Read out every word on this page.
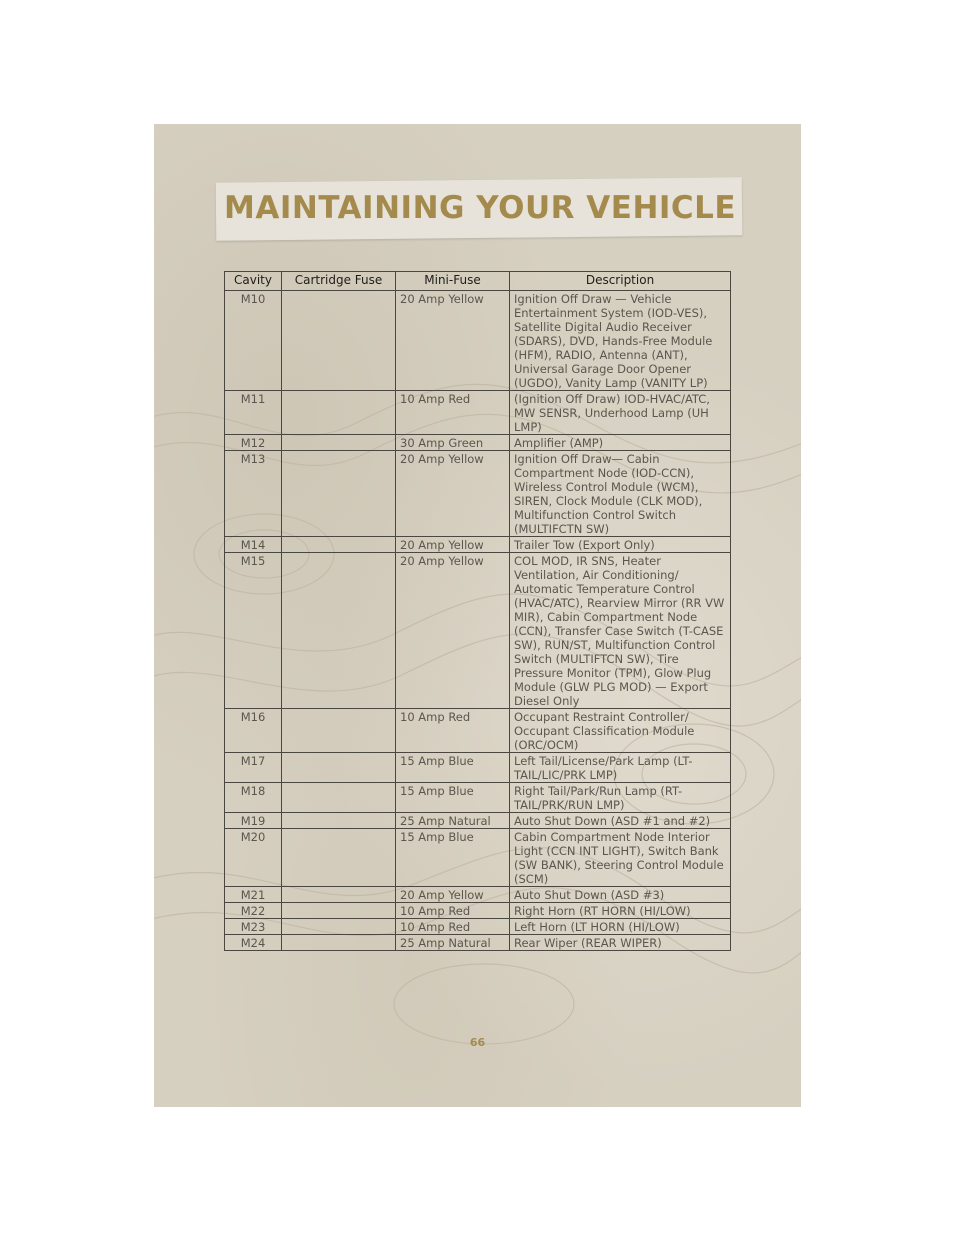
MAINTAINING YOUR VEHICLE
Cavity	Cartridge Fuse	Mini-Fuse	Description
M10		20 Amp Yellow	Ignition Off Draw — Vehicle Entertainment System (IOD-VES), Satellite Digital Audio Receiver (SDARS), DVD, Hands-Free Module (HFM), RADIO, Antenna (ANT), Universal Garage Door Opener (UGDO), Vanity Lamp (VANITY LP)
M11		10 Amp Red	(Ignition Off Draw) IOD-HVAC/ATC, MW SENSR, Underhood Lamp (UH LMP)
M12		30 Amp Green	Amplifier (AMP)
M13		20 Amp Yellow	Ignition Off Draw— Cabin Compartment Node (IOD-CCN), Wireless Control Module (WCM), SIREN, Clock Module (CLK MOD), Multifunction Control Switch (MULTIFCTN SW)
M14		20 Amp Yellow	Trailer Tow (Export Only)
M15		20 Amp Yellow	COL MOD, IR SNS, Heater Ventilation, Air Conditioning/ Automatic Temperature Control (HVAC/ATC), Rearview Mirror (RR VW MIR), Cabin Compartment Node (CCN), Transfer Case Switch (T-CASE SW), RUN/ST, Multifunction Control Switch (MULTIFTCN SW), Tire Pressure Monitor (TPM), Glow Plug Module (GLW PLG MOD) — Export Diesel Only
M16		10 Amp Red	Occupant Restraint Controller/ Occupant Classification Module (ORC/OCM)
M17		15 Amp Blue	Left Tail/License/Park Lamp (LT-TAIL/LIC/PRK LMP)
M18		15 Amp Blue	Right Tail/Park/Run Lamp (RT-TAIL/PRK/RUN LMP)
M19		25 Amp Natural	Auto Shut Down (ASD #1 and #2)
M20		15 Amp Blue	Cabin Compartment Node Interior Light (CCN INT LIGHT), Switch Bank (SW BANK), Steering Control Module (SCM)
M21		20 Amp Yellow	Auto Shut Down (ASD #3)
M22		10 Amp Red	Right Horn (RT HORN (HI/LOW)
M23		10 Amp Red	Left Horn (LT HORN (HI/LOW)
M24		25 Amp Natural	Rear Wiper (REAR WIPER)
66
